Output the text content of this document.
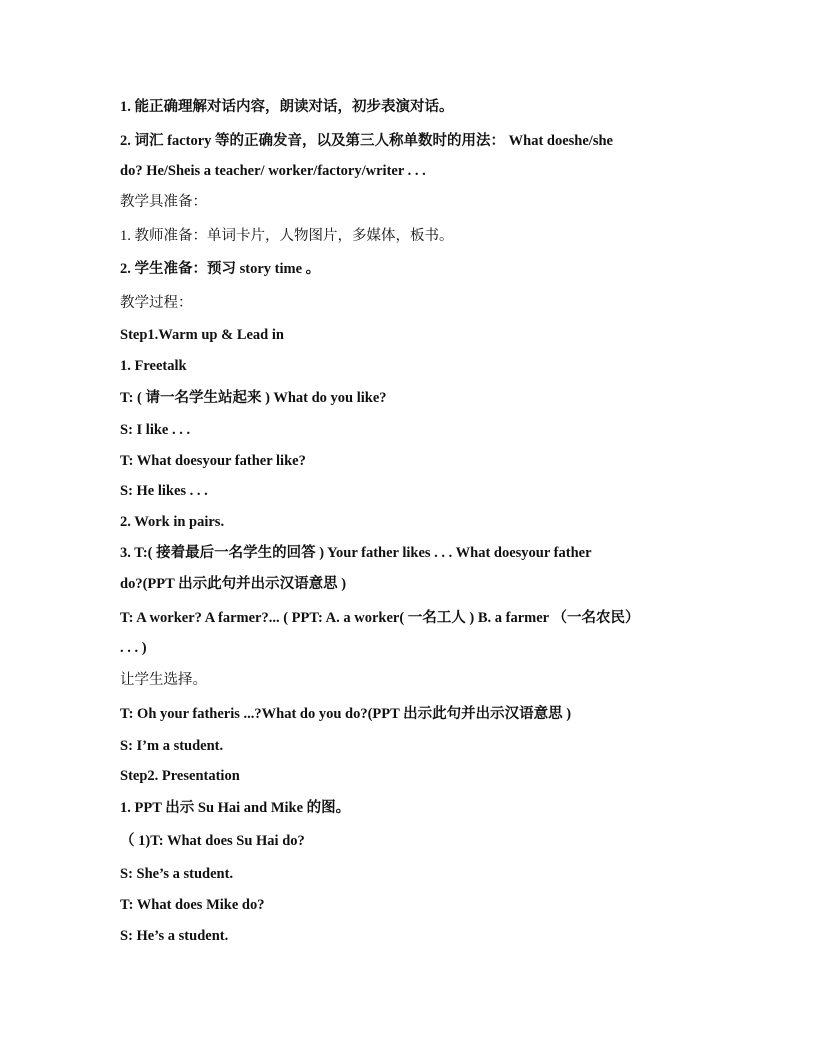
1. 能正确理解对话内容，朗读对话，初步表演对话。
2. 词汇 factory 等的正确发音，以及第三人称单数时的用法： What doeshe/she
do? He/Sheis a teacher/ worker/factory/writer . . .
教学具准备：
1. 教师准备：单词卡片，人物图片，多媒体，板书。
2. 学生准备：预习 story time 。
教学过程：
Step1.Warm up & Lead in
1. Freetalk
T: ( 请一名学生站起来 ) What do you like?
S: I like . . .
T: What doesyour father like?
S: He likes . . .
2. Work in pairs.
3. T:( 接着最后一名学生的回答 ) Your father likes . . . What doesyour father
do?(PPT 出示此句并出示汉语意思 )
T: A worker? A farmer?... ( PPT: A. a worker( 一名工人 ) B. a farmer （一名农民）
. . . )
让学生选择。
T: Oh your fatheris ...?What do you do?(PPT 出示此句并出示汉语意思 )
S: I’m a student.
Step2. Presentation
1. PPT 出示 Su Hai and Mike 的图。
（ 1)T: What does Su Hai do?
S: She’s a student.
T: What does Mike do?
S: He’s a student.
